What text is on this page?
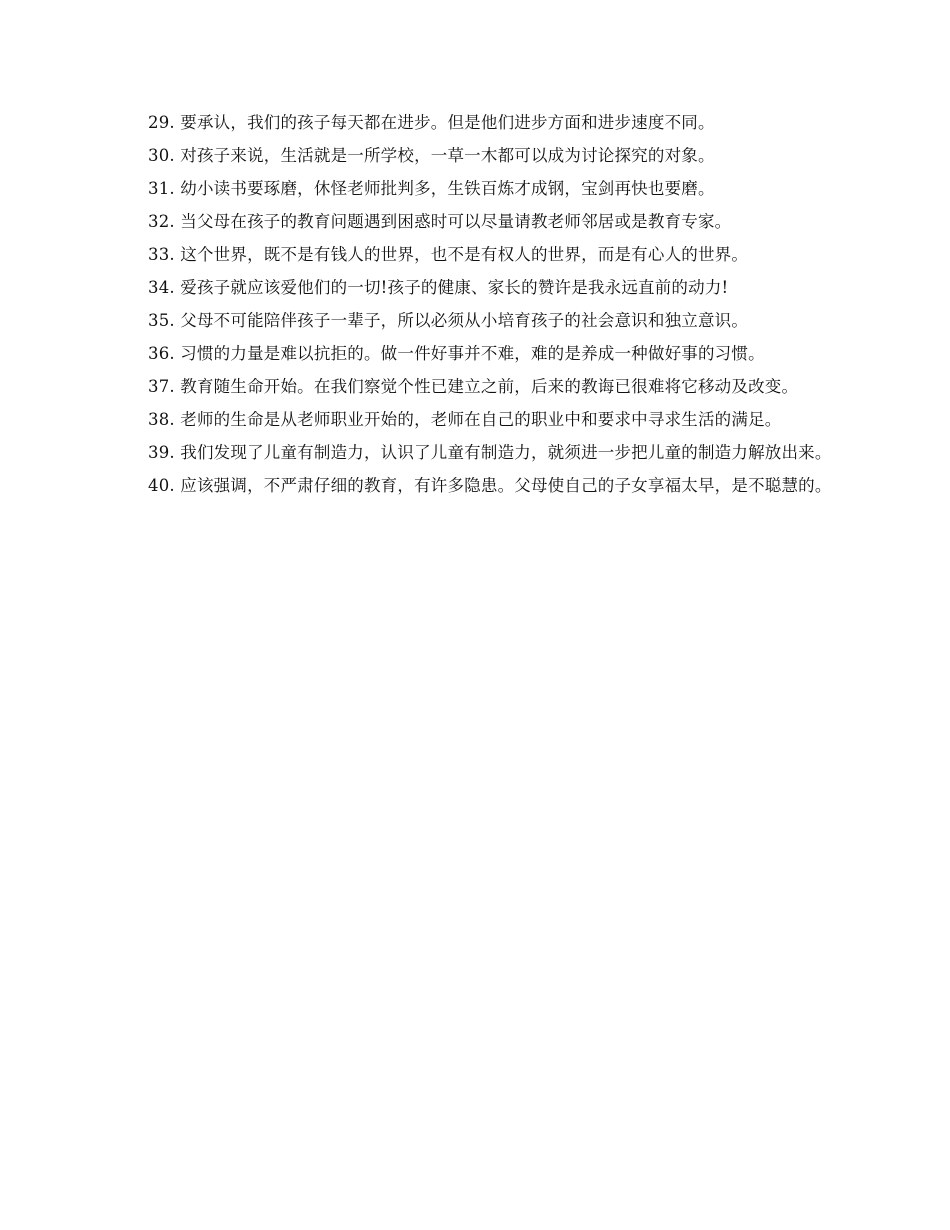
29. 要承认，我们的孩子每天都在进步。但是他们进步方面和进步速度不同。

30. 对孩子来说，生活就是一所学校，一草一木都可以成为讨论探究的对象。

31. 幼小读书要琢磨，休怪老师批判多，生铁百炼才成钢，宝剑再快也要磨。

32. 当父母在孩子的教育问题遇到困惑时可以尽量请教老师邻居或是教育专家。

33. 这个世界，既不是有钱人的世界，也不是有权人的世界，而是有心人的世界。

34. 爱孩子就应该爱他们的一切!孩子的健康、家长的赞许是我永远直前的动力!

35. 父母不可能陪伴孩子一辈子，所以必须从小培育孩子的社会意识和独立意识。

36. 习惯的力量是难以抗拒的。做一件好事并不难，难的是养成一种做好事的习惯。

37. 教育随生命开始。在我们察觉个性已建立之前，后来的教诲已很难将它移动及改变。

38. 老师的生命是从老师职业开始的，老师在自己的职业中和要求中寻求生活的满足。

39. 我们发现了儿童有制造力，认识了儿童有制造力，就须进一步把儿童的制造力解放出来。

40. 应该强调，不严肃仔细的教育，有许多隐患。父母使自己的子女享福太早，是不聪慧的。
